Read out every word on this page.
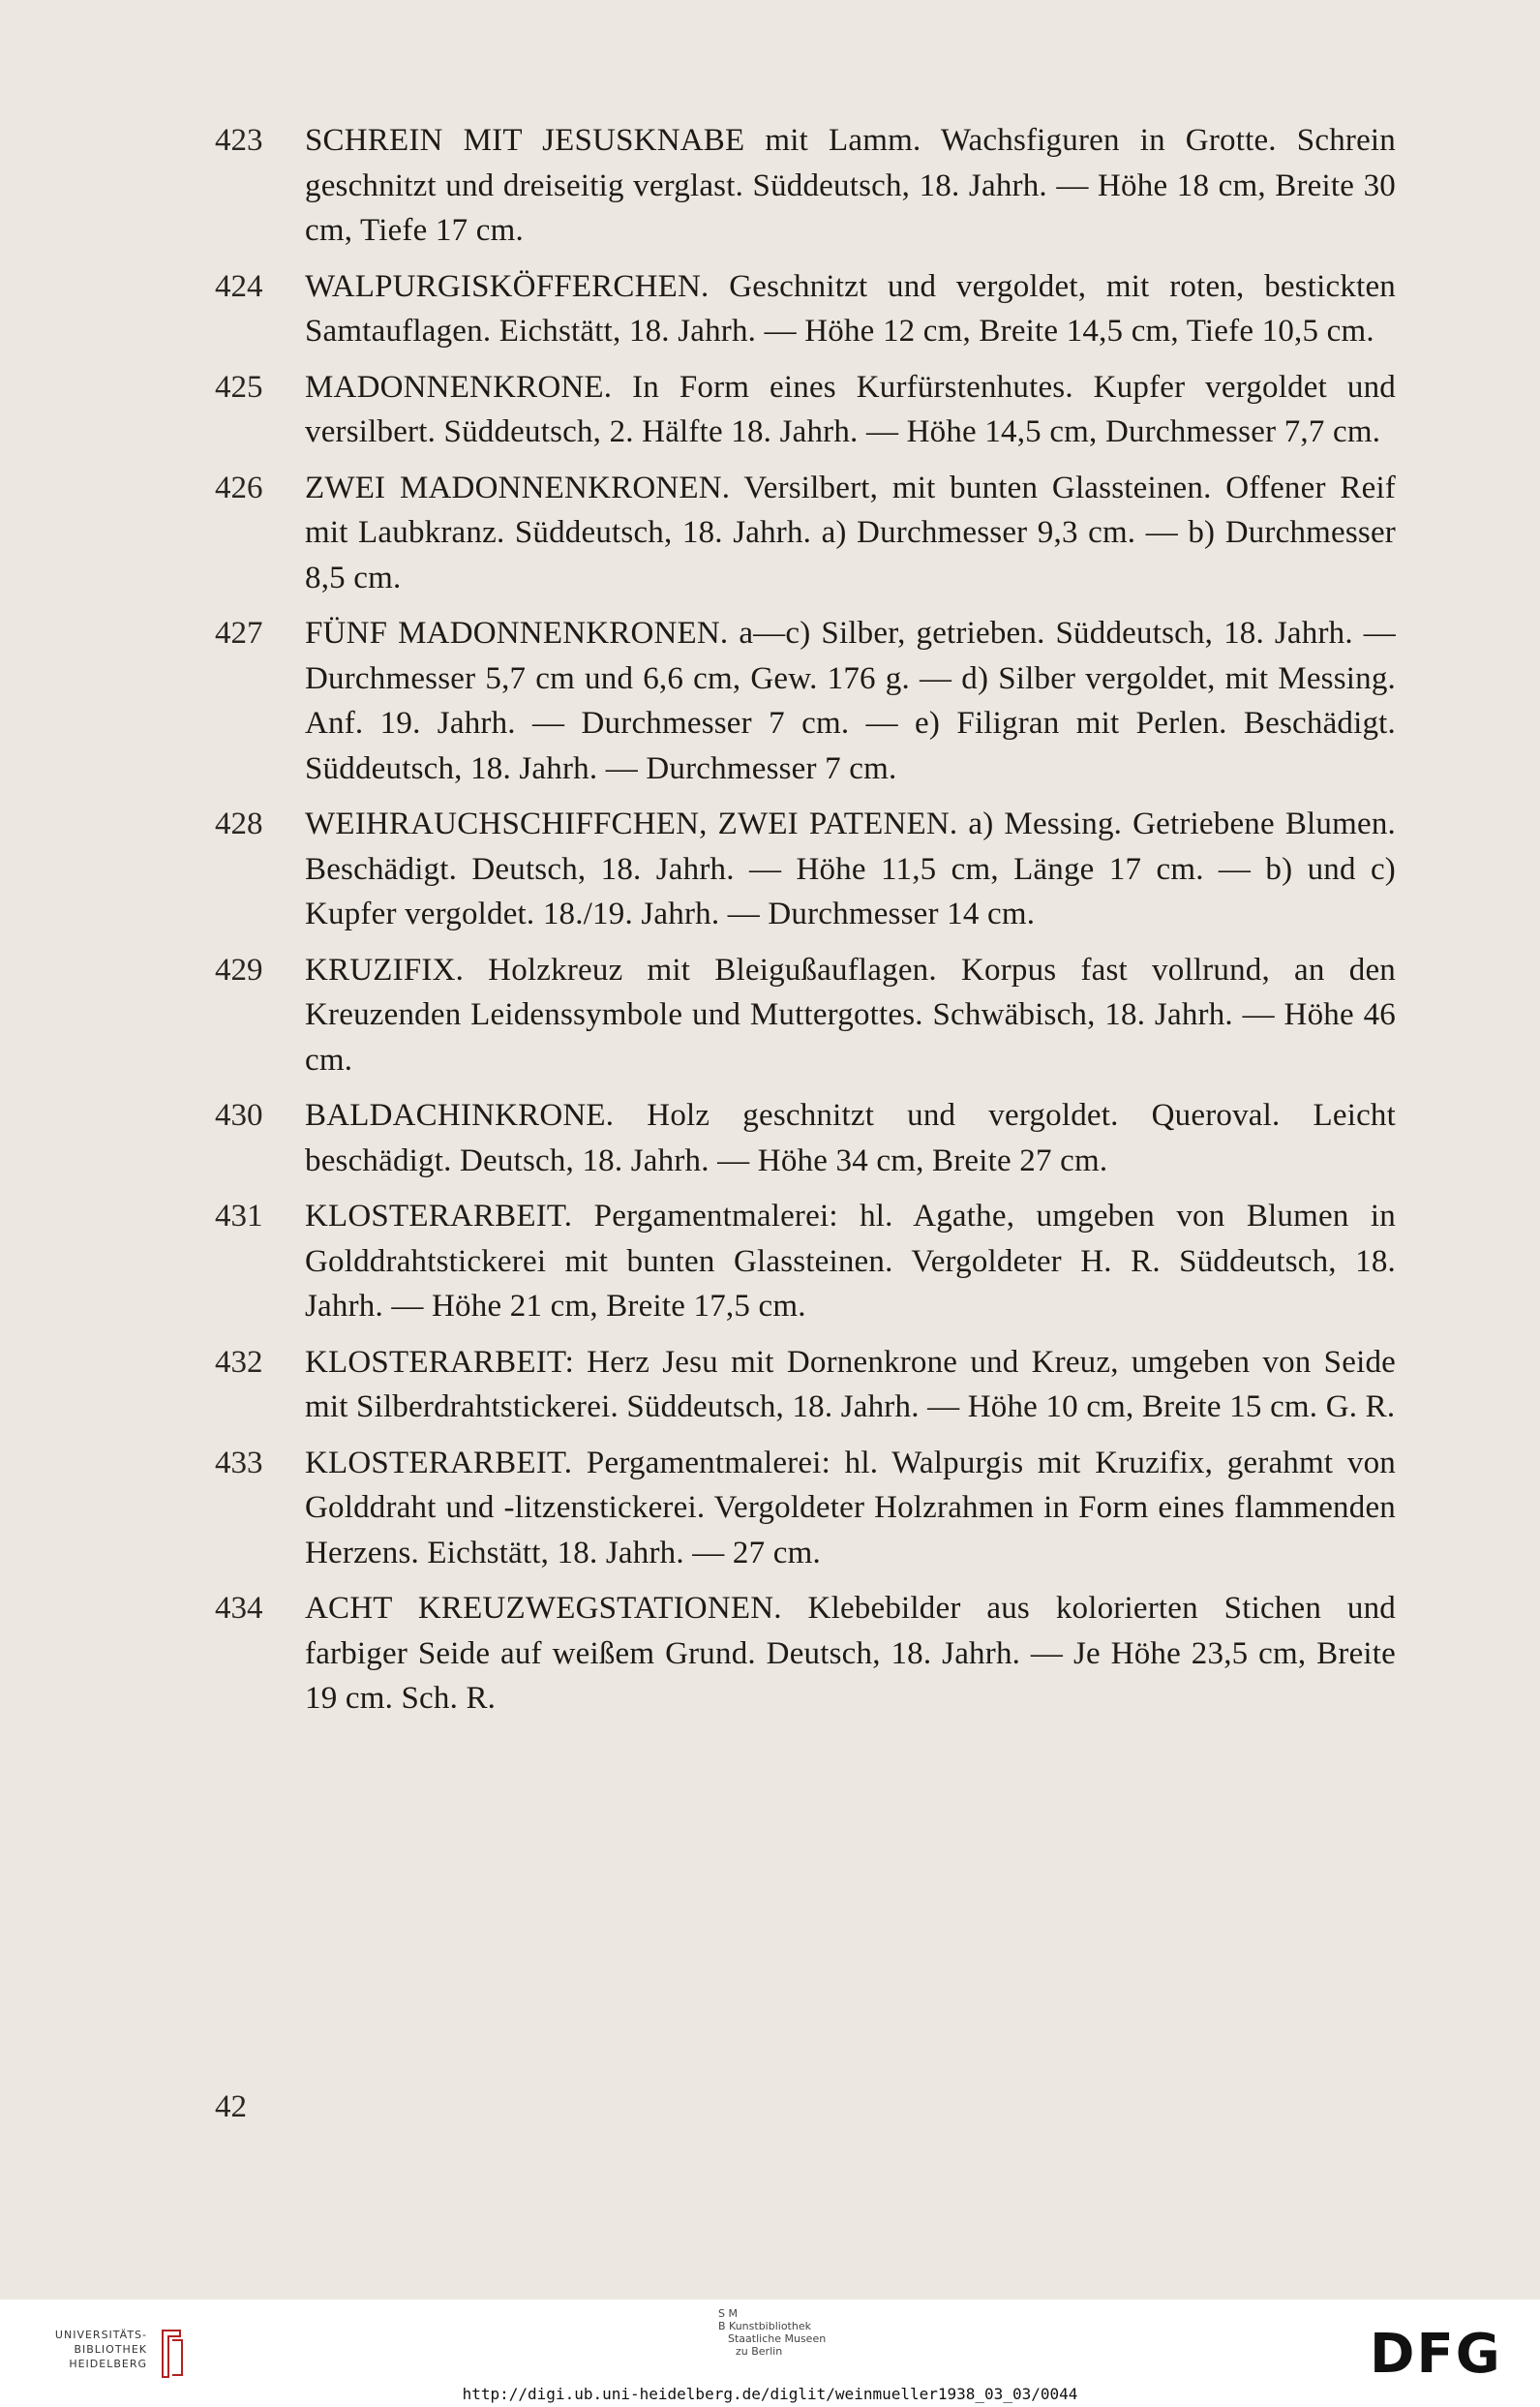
423	SCHREIN MIT JESUSKNABE mit Lamm. Wachsfiguren in Grotte. Schrein geschnitzt und dreiseitig verglast. Süddeutsch, 18. Jahrh. — Höhe 18 cm, Breite 30 cm, Tiefe 17 cm.
424	WALPURGISKÖFFERCHEN. Geschnitzt und vergoldet, mit roten, bestickten Samtauflagen. Eichstätt, 18. Jahrh. — Höhe 12 cm, Breite 14,5 cm, Tiefe 10,5 cm.
425	MADONNENKRONE. In Form eines Kurfürstenhutes. Kupfer vergoldet und versilbert. Süddeutsch, 2. Hälfte 18. Jahrh. — Höhe 14,5 cm, Durchmesser 7,7 cm.
426	ZWEI MADONNENKRONEN. Versilbert, mit bunten Glassteinen. Offener Reif mit Laubkranz. Süddeutsch, 18. Jahrh. a) Durchmesser 9,3 cm. — b) Durchmesser 8,5 cm.
427	FÜNF MADONNENKRONEN. a—c) Silber, getrieben. Süddeutsch, 18. Jahrh. — Durchmesser 5,7 cm und 6,6 cm, Gew. 176 g. — d) Silber vergoldet, mit Messing. Anf. 19. Jahrh. — Durchmesser 7 cm. — e) Filigran mit Perlen. Beschädigt. Süddeutsch, 18. Jahrh. — Durchmesser 7 cm.
428	WEIHRAUCHSCHIFFCHEN, ZWEI PATENEN. a) Messing. Getriebene Blumen. Beschädigt. Deutsch, 18. Jahrh. — Höhe 11,5 cm, Länge 17 cm. — b) und c) Kupfer vergoldet. 18./19. Jahrh. — Durchmesser 14 cm.
429	KRUZIFIX. Holzkreuz mit Bleigußauflagen. Korpus fast vollrund, an den Kreuzenden Leidenssymbole und Muttergottes. Schwäbisch, 18. Jahrh. — Höhe 46 cm.
430	BALDACHINKRONE. Holz geschnitzt und vergoldet. Queroval. Leicht beschädigt. Deutsch, 18. Jahrh. — Höhe 34 cm, Breite 27 cm.
431	KLOSTERARBEIT. Pergamentmalerei: hl. Agathe, umgeben von Blumen in Golddrahtstickerei mit bunten Glassteinen. Vergoldeter H. R. Süddeutsch, 18. Jahrh. — Höhe 21 cm, Breite 17,5 cm.
432	KLOSTERARBEIT: Herz Jesu mit Dornenkrone und Kreuz, umgeben von Seide mit Silberdrahtstickerei. Süddeutsch, 18. Jahrh. — Höhe 10 cm, Breite 15 cm. G. R.
433	KLOSTERARBEIT. Pergamentmalerei: hl. Walpurgis mit Kruzifix, gerahmt von Golddraht und -litzenstickerei. Vergoldeter Holzrahmen in Form eines flammenden Herzens. Eichstätt, 18. Jahrh. — 27 cm.
434	ACHT KREUZWEGSTATIONEN. Klebebilder aus kolorierten Stichen und farbiger Seide auf weißem Grund. Deutsch, 18. Jahrh. — Je Höhe 23,5 cm, Breite 19 cm. Sch. R.
42
UNIVERSITÄTS-
BIBLIOTHEK
HEIDELBERG
S M
B Kunstbibliothek
Staatliche Museen
zu Berlin	DFG
http://digi.ub.uni-heidelberg.de/diglit/weinmueller1938_03_03/0044
